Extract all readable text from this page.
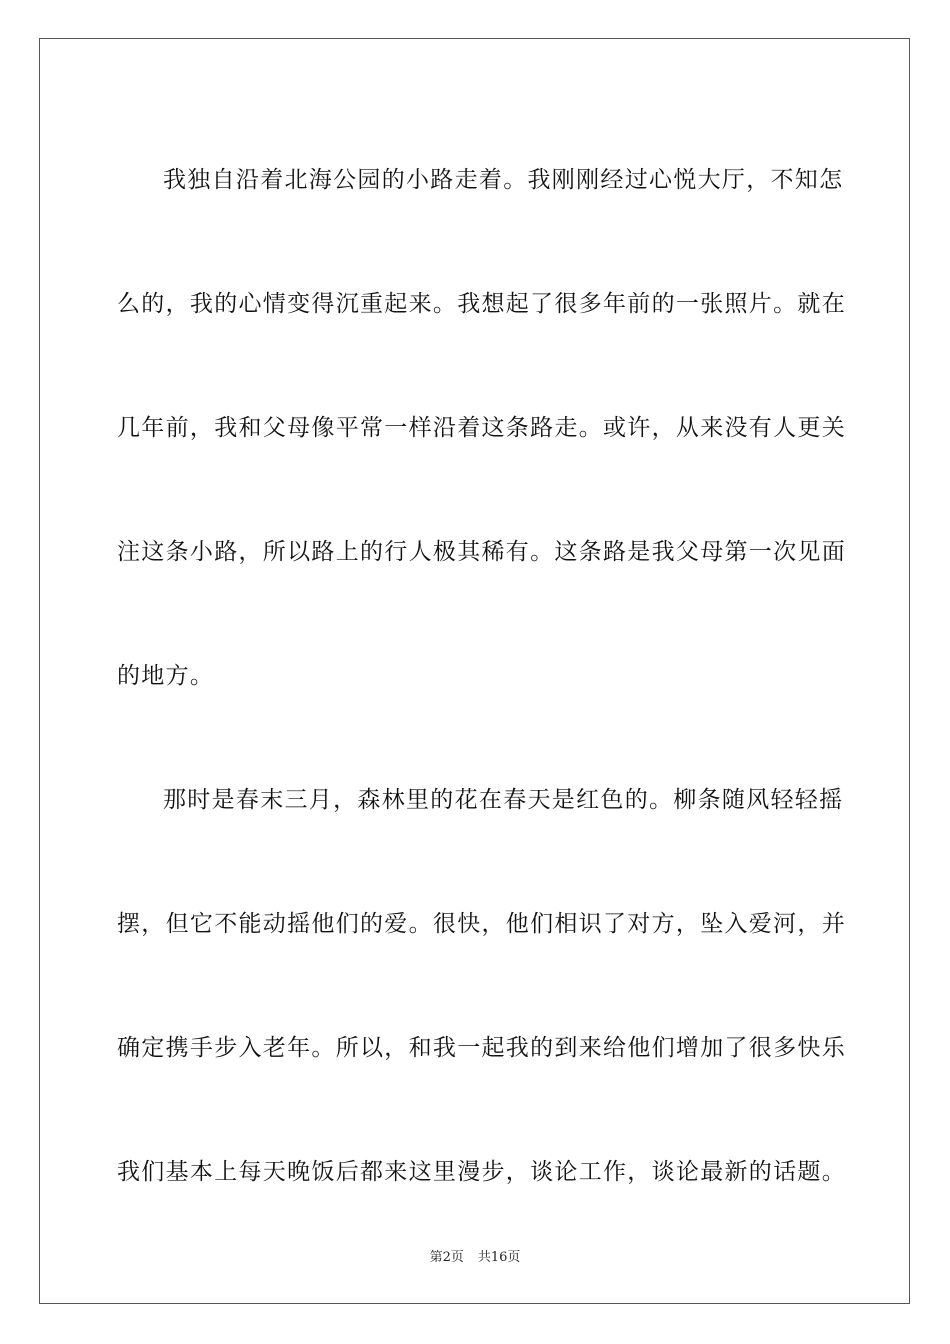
我独自沿着北海公园的小路走着。我刚刚经过心悦大厅，不知怎
么的，我的心情变得沉重起来。我想起了很多年前的一张照片。就在
几年前，我和父母像平常一样沿着这条路走。或许，从来没有人更关
注这条小路，所以路上的行人极其稀有。这条路是我父母第一次见面
的地方。

那时是春末三月，森林里的花在春天是红色的。柳条随风轻轻摇
摆，但它不能动摇他们的爱。很快，他们相识了对方，坠入爱河，并
确定携手步入老年。所以，和我一起我的到来给他们增加了很多快乐
我们基本上每天晚饭后都来这里漫步，谈论工作，谈论最新的话题。

第2页 共16页
